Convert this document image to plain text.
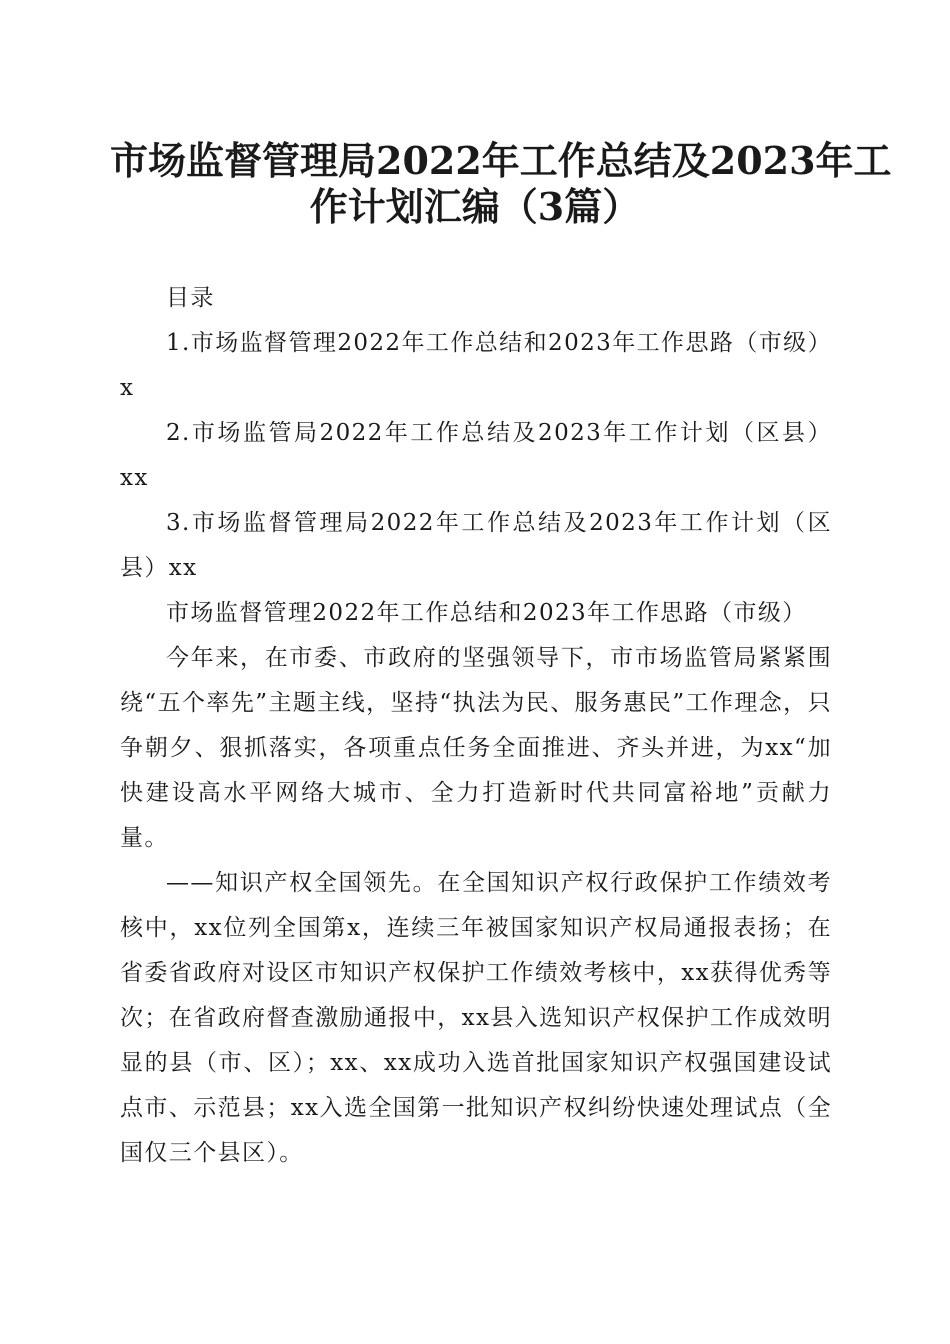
市场监督管理局2022年工作总结及2023年工
作计划汇编（3篇）

目录

1.市场监督管理2022年工作总结和2023年工作思路（市级）x

2.市场监管局2022年工作总结及2023年工作计划（区县）xx

3.市场监督管理局2022年工作总结及2023年工作计划（区县）xx

市场监督管理2022年工作总结和2023年工作思路（市级）

今年来，在市委、市政府的坚强领导下，市市场监管局紧紧围绕“五个率先”主题主线，坚持“执法为民、服务惠民”工作理念，只争朝夕、狠抓落实，各项重点任务全面推进、齐头并进，为xx“加快建设高水平网络大城市、全力打造新时代共同富裕地”贡献力量。

——知识产权全国领先。在全国知识产权行政保护工作绩效考核中，xx位列全国第x，连续三年被国家知识产权局通报表扬；在省委省政府对设区市知识产权保护工作绩效考核中，xx获得优秀等次；在省政府督查激励通报中，xx县入选知识产权保护工作成效明显的县（市、区）；xx、xx成功入选首批国家知识产权强国建设试点市、示范县；xx入选全国第一批知识产权纠纷快速处理试点（全国仅三个县区）。
